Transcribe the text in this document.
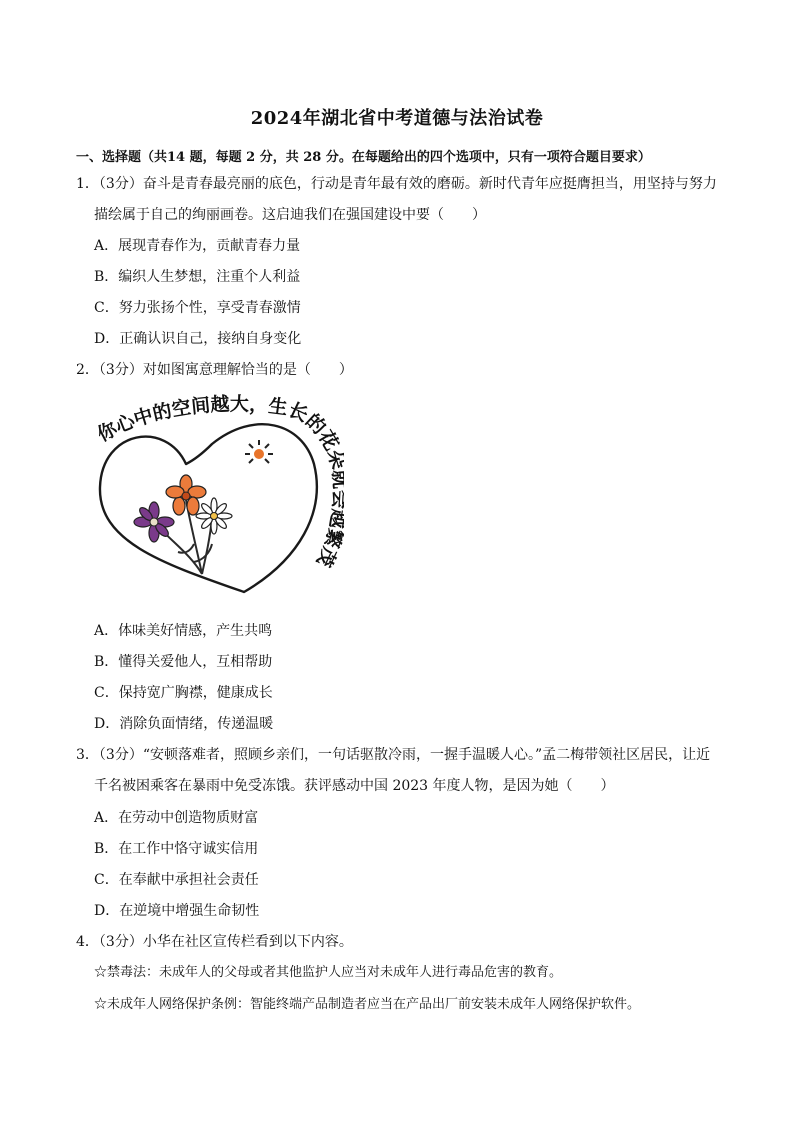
2024年湖北省中考道德与法治试卷
一、选择题（共14 题，每题 2 分，共 28 分。在每题给出的四个选项中，只有一项符合题目要求）
1．（3分）奋斗是青春最亮丽的底色，行动是青年最有效的磨砺。新时代青年应挺膺担当，用坚持与努力
描绘属于自己的绚丽画卷。这启迪我们在强国建设中要（　　）
A．展现青春作为，贡献青春力量
B．编织人生梦想，注重个人利益
C．努力张扬个性，享受青春激情
D．正确认识自己，接纳自身变化
2．（3分）对如图寓意理解恰当的是（　　）
你心中的空间越大，生长的花 繁茂
A．体味美好情感，产生共鸣
B．懂得关爱他人，互相帮助
C．保持宽广胸襟，健康成长
D．消除负面情绪，传递温暖
3．（3分）“安顿落难者，照顾乡亲们，一句话驱散冷雨，一握手温暖人心。”孟二梅带领社区居民，让近
千名被困乘客在暴雨中免受冻饿。获评感动中国 2023 年度人物，是因为她（　　）
A．在劳动中创造物质财富
B．在工作中恪守诚实信用
C．在奉献中承担社会责任
D．在逆境中增强生命韧性
4．（3分）小华在社区宣传栏看到以下内容。
☆禁毒法：未成年人的父母或者其他监护人应当对未成年人进行毒品危害的教育。
☆未成年人网络保护条例：智能终端产品制造者应当在产品出厂前安装未成年人网络保护软件。
